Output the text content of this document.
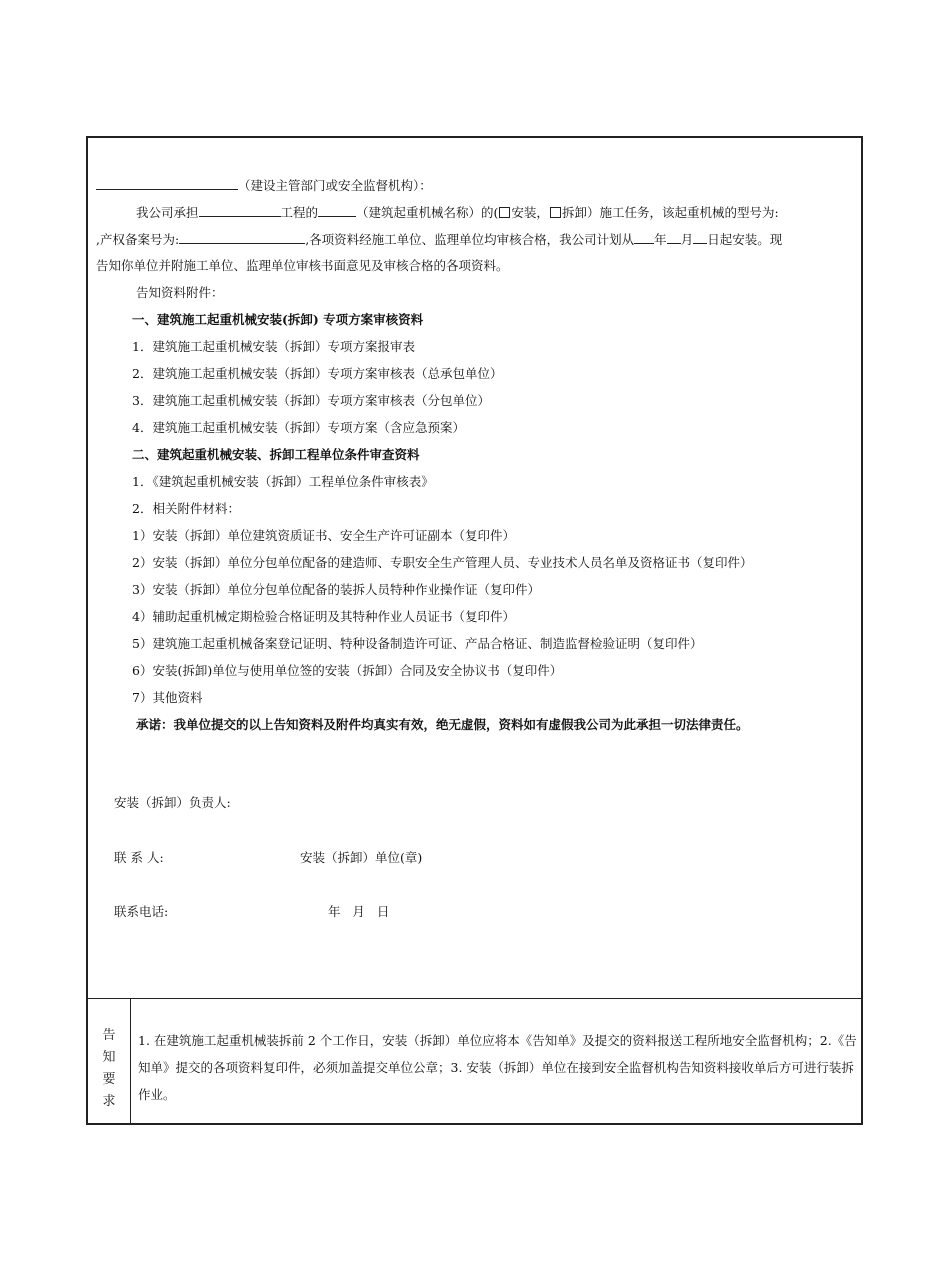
（建设主管部门或安全监督机构）：
我公司承担	工程的	（建筑起重机械名称）的( 安装， 拆卸）施工任务，该起重机械的型号为:
,产权备案号为:	,各项资料经施工单位、监理单位均审核合格，我公司计划从 年 月 日起安装。现
告知你单位并附施工单位、监理单位审核书面意见及审核合格的各项资料。
告知资料附件：
一、建筑施工起重机械安装(拆卸) 专项方案审核资料
1．建筑施工起重机械安装（拆卸）专项方案报审表
2．建筑施工起重机械安装（拆卸）专项方案审核表（总承包单位）
3．建筑施工起重机械安装（拆卸）专项方案审核表（分包单位）
4．建筑施工起重机械安装（拆卸）专项方案（含应急预案）
二、建筑起重机械安装、拆卸工程单位条件审查资料
1．《建筑起重机械安装（拆卸）工程单位条件审核表》
2．相关附件材料：
1）安装（拆卸）单位建筑资质证书、安全生产许可证副本（复印件）
2）安装（拆卸）单位分包单位配备的建造师、专职安全生产管理人员、专业技术人员名单及资格证书（复印件）
3）安装（拆卸）单位分包单位配备的装拆人员特种作业操作证（复印件）
4）辅助起重机械定期检验合格证明及其特种作业人员证书（复印件）
5）建筑施工起重机械备案登记证明、特种设备制造许可证、产品合格证、制造监督检验证明（复印件）
6）安装(拆卸)单位与使用单位签的安装（拆卸）合同及安全协议书（复印件）
7）其他资料
承诺：我单位提交的以上告知资料及附件均真实有效，绝无虚假，资料如有虚假我公司为此承担一切法律责任。
安装（拆卸）负责人:
联 系 人:	安装（拆卸）单位(章)
联系电话:	年   月   日
告
知
要
求
1. 在建筑施工起重机械装拆前 2 个工作日，安装（拆卸）单位应将本《告知单》及提交的资料报送工程所地安全监督机构；2.《告知单》提交的各项资料复印件，必须加盖提交单位公章；3. 安装（拆卸）单位在接到安全监督机构告知资料接收单后方可进行装拆作业。
